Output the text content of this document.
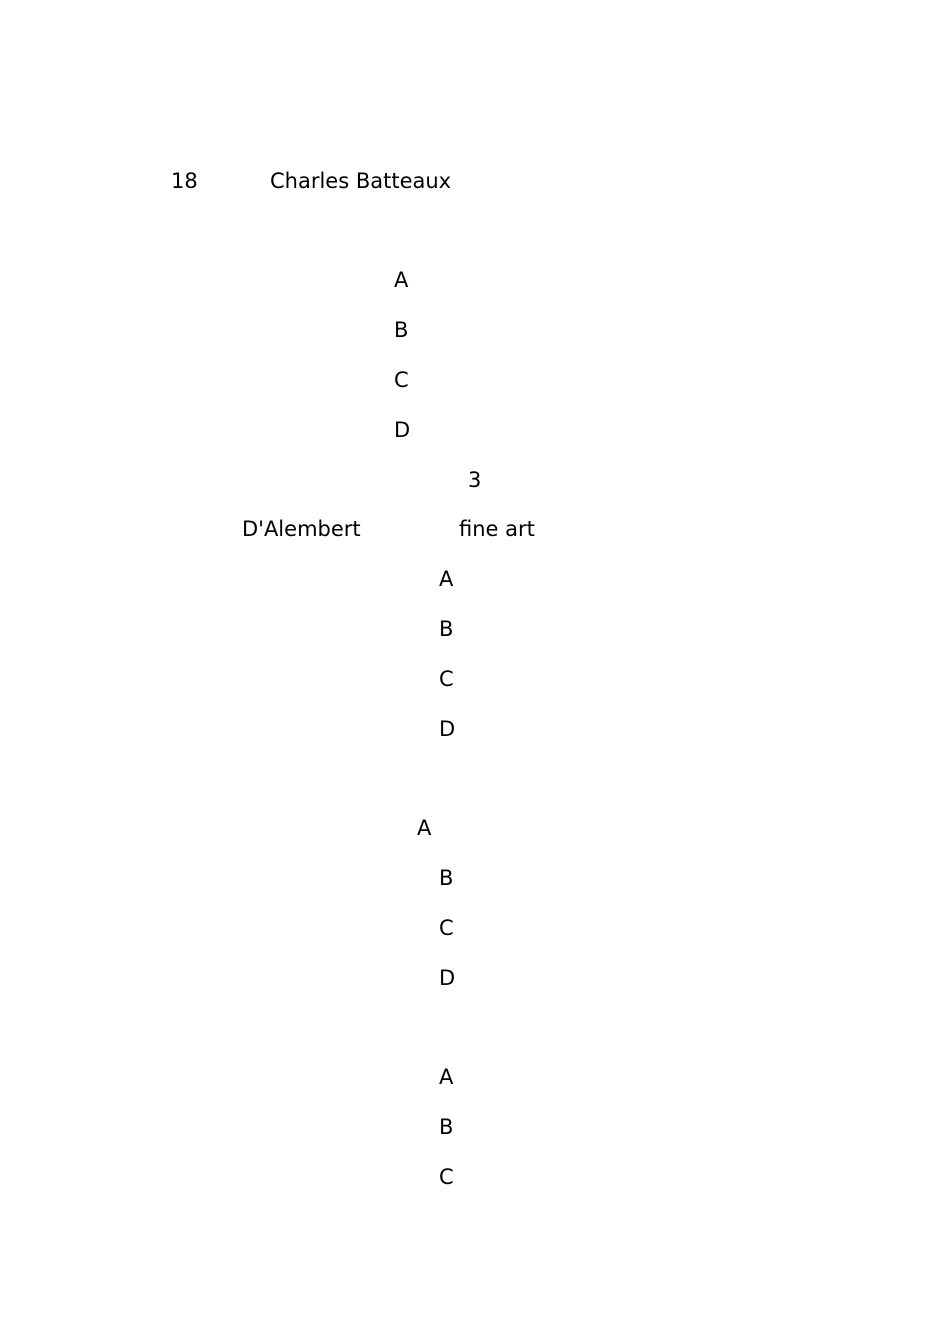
18	Charles Batteaux
A
B
C
D
3
D'Alembert	fine art
A
B
C
D
A
B
C
D
A
B
C
